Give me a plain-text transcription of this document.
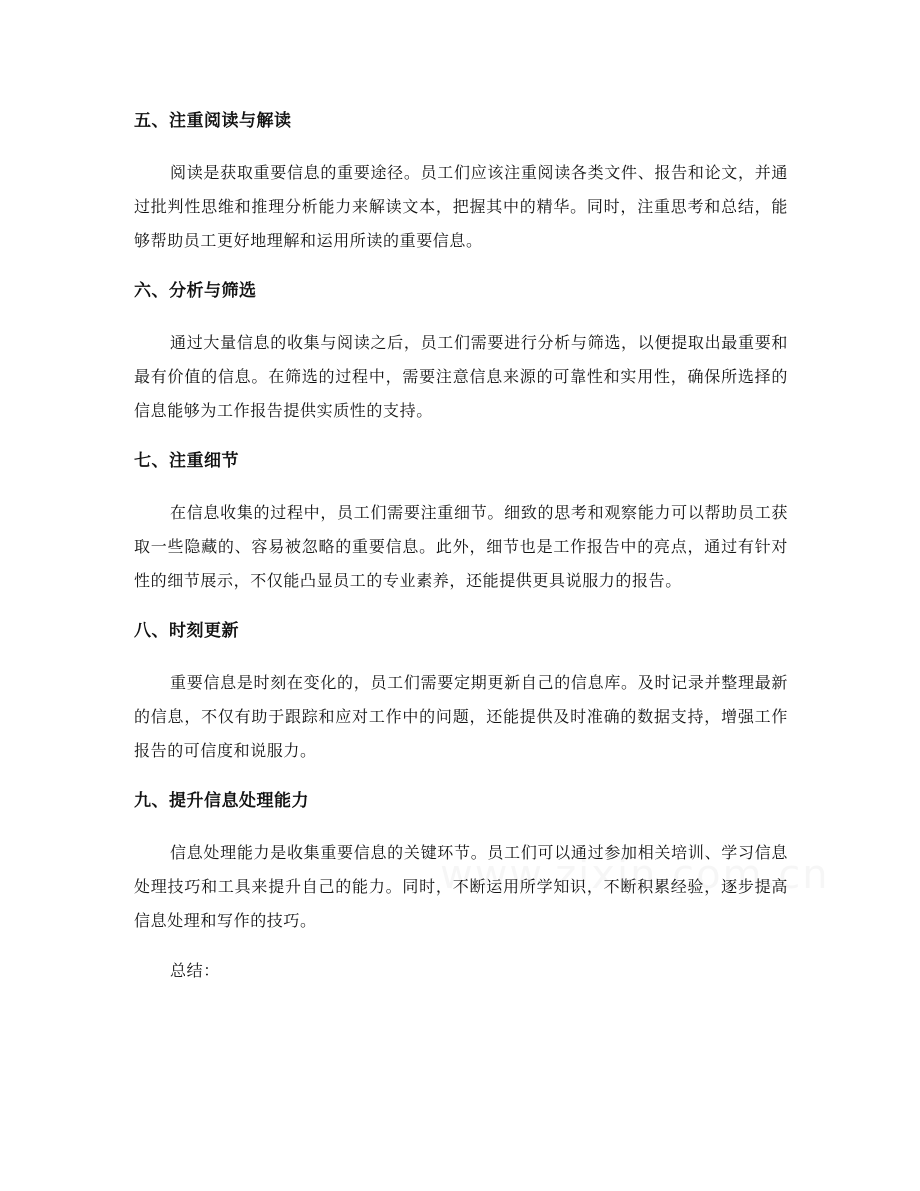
五、注重阅读与解读

阅读是获取重要信息的重要途径。员工们应该注重阅读各类文件、报告和论文，并通过批判性思维和推理分析能力来解读文本，把握其中的精华。同时，注重思考和总结，能够帮助员工更好地理解和运用所读的重要信息。

六、分析与筛选

通过大量信息的收集与阅读之后，员工们需要进行分析与筛选，以便提取出最重要和最有价值的信息。在筛选的过程中，需要注意信息来源的可靠性和实用性，确保所选择的信息能够为工作报告提供实质性的支持。

七、注重细节

在信息收集的过程中，员工们需要注重细节。细致的思考和观察能力可以帮助员工获取一些隐藏的、容易被忽略的重要信息。此外，细节也是工作报告中的亮点，通过有针对性的细节展示，不仅能凸显员工的专业素养，还能提供更具说服力的报告。

八、时刻更新

重要信息是时刻在变化的，员工们需要定期更新自己的信息库。及时记录并整理最新的信息，不仅有助于跟踪和应对工作中的问题，还能提供及时准确的数据支持，增强工作报告的可信度和说服力。

九、提升信息处理能力

信息处理能力是收集重要信息的关键环节。员工们可以通过参加相关培训、学习信息处理技巧和工具来提升自己的能力。同时，不断运用所学知识，不断积累经验，逐步提高信息处理和写作的技巧。

总结：
